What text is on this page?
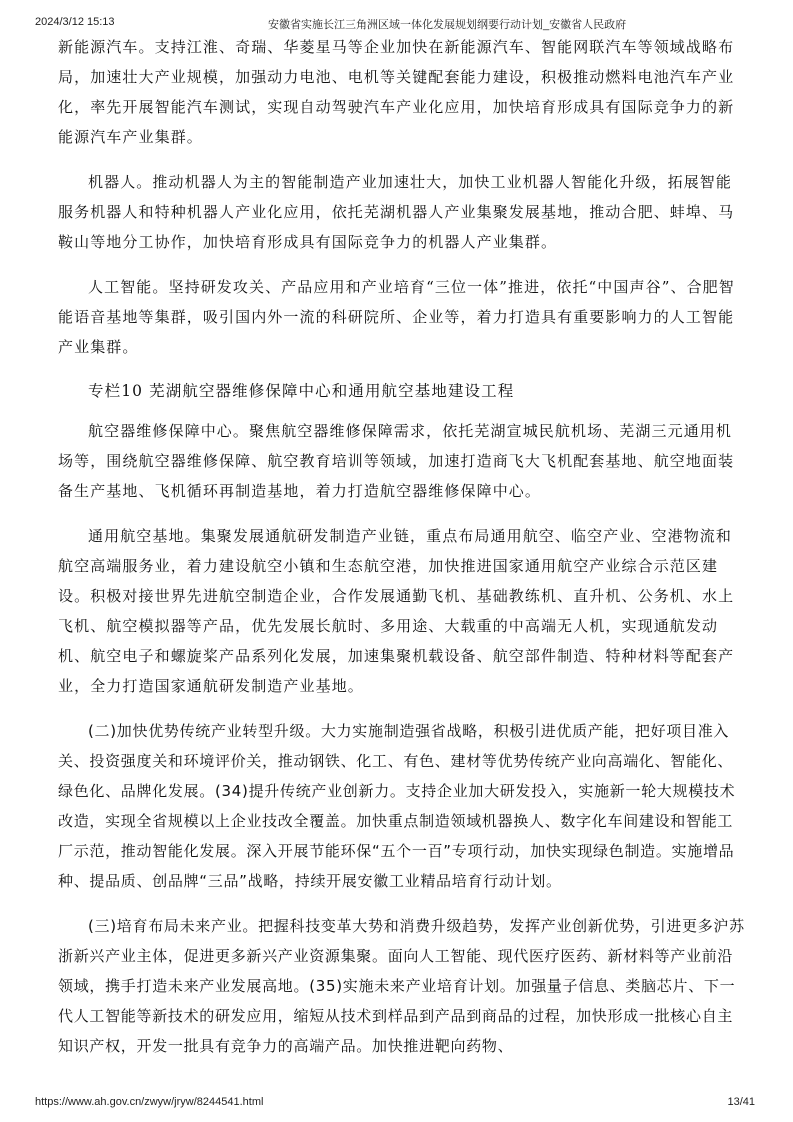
2024/3/12 15:13	安徽省实施长江三角洲区域一体化发展规划纲要行动计划_安徽省人民政府

新能源汽车。支持江淮、奇瑞、华菱星马等企业加快在新能源汽车、智能网联汽车等领域战略布局，加速壮大产业规模，加强动力电池、电机等关键配套能力建设，积极推动燃料电池汽车产业化，率先开展智能汽车测试，实现自动驾驶汽车产业化应用，加快培育形成具有国际竞争力的新能源汽车产业集群。

机器人。推动机器人为主的智能制造产业加速壮大，加快工业机器人智能化升级，拓展智能服务机器人和特种机器人产业化应用，依托芜湖机器人产业集聚发展基地，推动合肥、蚌埠、马鞍山等地分工协作，加快培育形成具有国际竞争力的机器人产业集群。

人工智能。坚持研发攻关、产品应用和产业培育“三位一体”推进，依托“中国声谷”、合肥智能语音基地等集群，吸引国内外一流的科研院所、企业等，着力打造具有重要影响力的人工智能产业集群。

专栏10 芜湖航空器维修保障中心和通用航空基地建设工程

航空器维修保障中心。聚焦航空器维修保障需求，依托芜湖宣城民航机场、芜湖三元通用机场等，围绕航空器维修保障、航空教育培训等领域，加速打造商飞大飞机配套基地、航空地面装备生产基地、飞机循环再制造基地，着力打造航空器维修保障中心。

通用航空基地。集聚发展通航研发制造产业链，重点布局通用航空、临空产业、空港物流和航空高端服务业，着力建设航空小镇和生态航空港，加快推进国家通用航空产业综合示范区建设。积极对接世界先进航空制造企业，合作发展通勤飞机、基础教练机、直升机、公务机、水上飞机、航空模拟器等产品，优先发展长航时、多用途、大载重的中高端无人机，实现通航发动机、航空电子和螺旋桨产品系列化发展，加速集聚机载设备、航空部件制造、特种材料等配套产业，全力打造国家通航研发制造产业基地。

(二)加快优势传统产业转型升级。大力实施制造强省战略，积极引进优质产能，把好项目准入关、投资强度关和环境评价关，推动钢铁、化工、有色、建材等优势传统产业向高端化、智能化、绿色化、品牌化发展。(34)提升传统产业创新力。支持企业加大研发投入，实施新一轮大规模技术改造，实现全省规模以上企业技改全覆盖。加快重点制造领域机器换人、数字化车间建设和智能工厂示范，推动智能化发展。深入开展节能环保“五个一百”专项行动，加快实现绿色制造。实施增品种、提品质、创品牌“三品”战略，持续开展安徽工业精品培育行动计划。

(三)培育布局未来产业。把握科技变革大势和消费升级趋势，发挥产业创新优势，引进更多沪苏浙新兴产业主体，促进更多新兴产业资源集聚。面向人工智能、现代医疗医药、新材料等产业前沿领域，携手打造未来产业发展高地。(35)实施未来产业培育计划。加强量子信息、类脑芯片、下一代人工智能等新技术的研发应用，缩短从技术到样品到产品到商品的过程，加快形成一批核心自主知识产权，开发一批具有竞争力的高端产品。加快推进靶向药物、

https://www.ah.gov.cn/zwyw/jryw/8244541.html	13/41
